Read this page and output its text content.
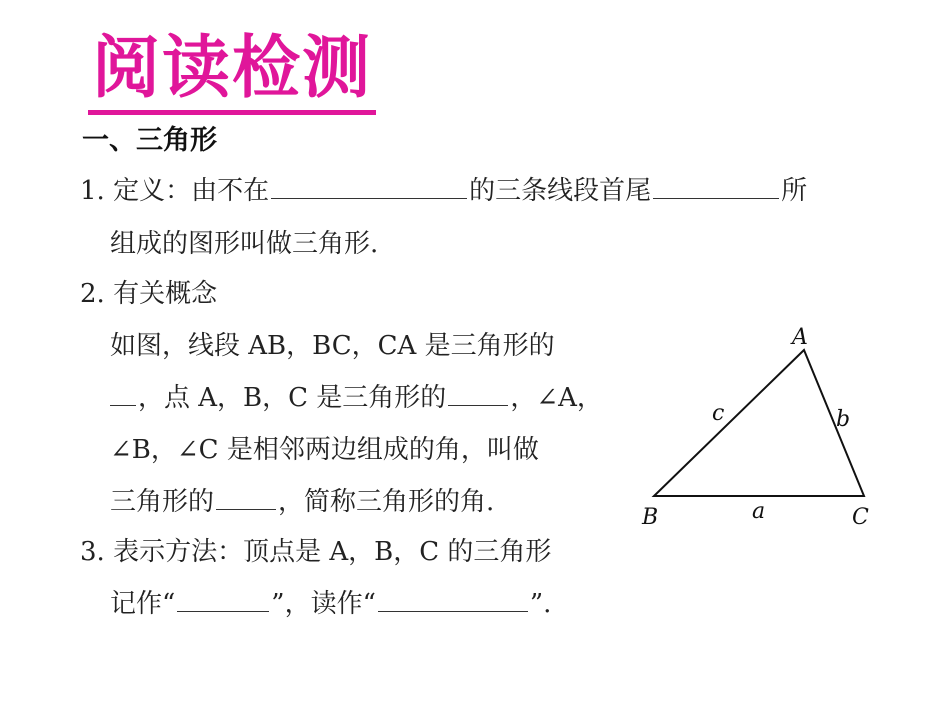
阅读检测
一、三角形
1. 定义：由不在	的三条线段首尾	所
组成的图形叫做三角形.
2. 有关概念
如图，线段 AB，BC，CA 是三角形的
，点 A，B，C 是三角形的 ，∠A，
∠B，∠C 是相邻两边组成的角，叫做
三角形的 ，简称三角形的角.
3. 表示方法：顶点是 A，B，C 的三角形
记作“	”，读作“	”.
A
B	C
a
b
c
